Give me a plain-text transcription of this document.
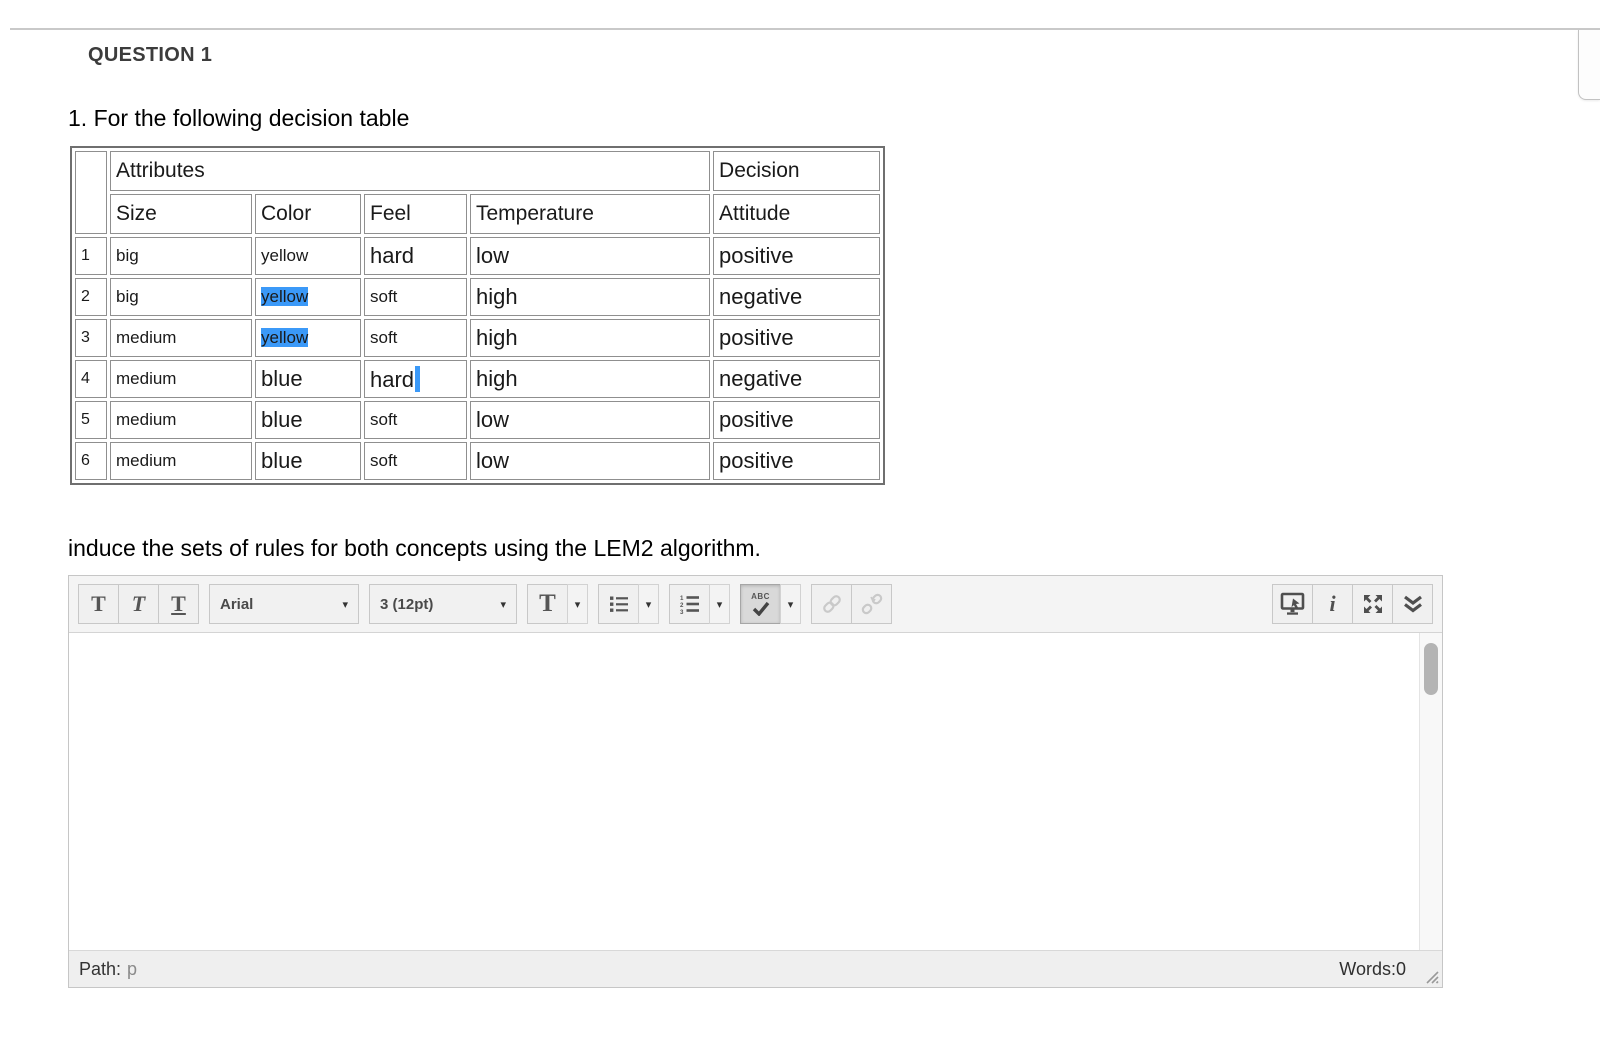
QUESTION 1
1. For the following decision table
	Attributes				Decision
	Size	Color	Feel	Temperature	Attitude
1	big	yellow	hard	low	positive
2	big	yellow	soft	high	negative
3	medium	yellow	soft	high	positive
4	medium	blue	hard	high	negative
5	medium	blue	soft	low	positive
6	medium	blue	soft	low	positive
induce the sets of rules for both concepts using the LEM2 algorithm.
T T T Arial	▾ 3 (12pt)	▾ T ▾	▾	1
2
3
▾
ABC
▾	i
Path: p	Words:0
